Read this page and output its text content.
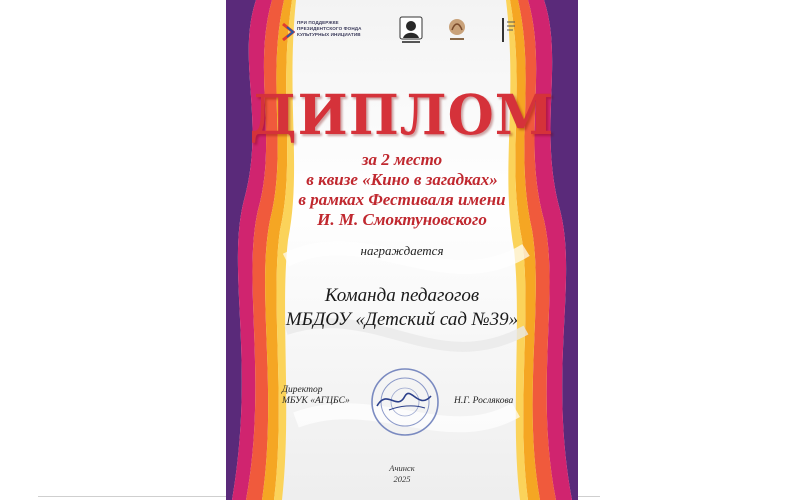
ПРИ ПОДДЕРЖКЕ
ПРЕЗИДЕНТСКОГО ФОНДА
КУЛЬТУРНЫХ ИНИЦИАТИВ
ДИПЛОМ
за 2 место
в квизе «Кино в загадках»
в рамках Фестиваля имени
И. М. Смоктуновского
награждается
Команда педагогов
МБДОУ «Детский сад №39»
Директор
МБУК «АГЦБС»	Н.Г. Рослякова
Ачинск
2025
